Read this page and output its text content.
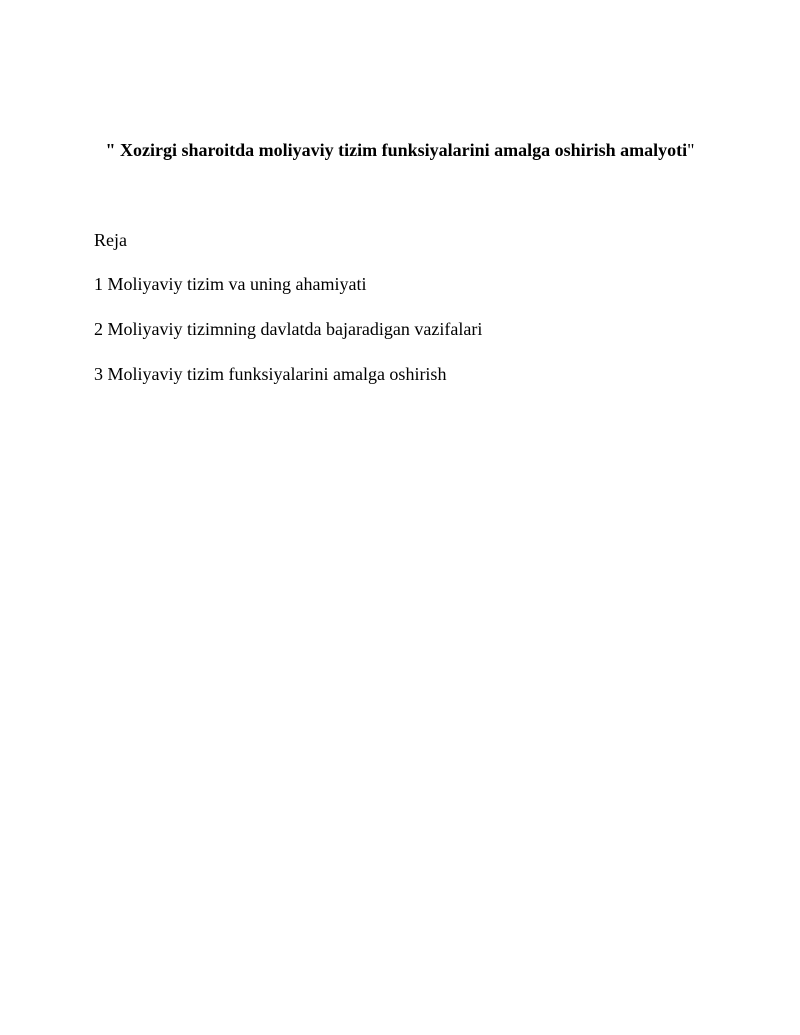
" Xozirgi sharoitda moliyaviy tizim funksiyalarini amalga oshirish amalyoti"
Reja
1 Moliyaviy tizim va uning ahamiyati
2 Moliyaviy tizimning davlatda bajaradigan vazifalari
3 Moliyaviy tizim funksiyalarini amalga oshirish
